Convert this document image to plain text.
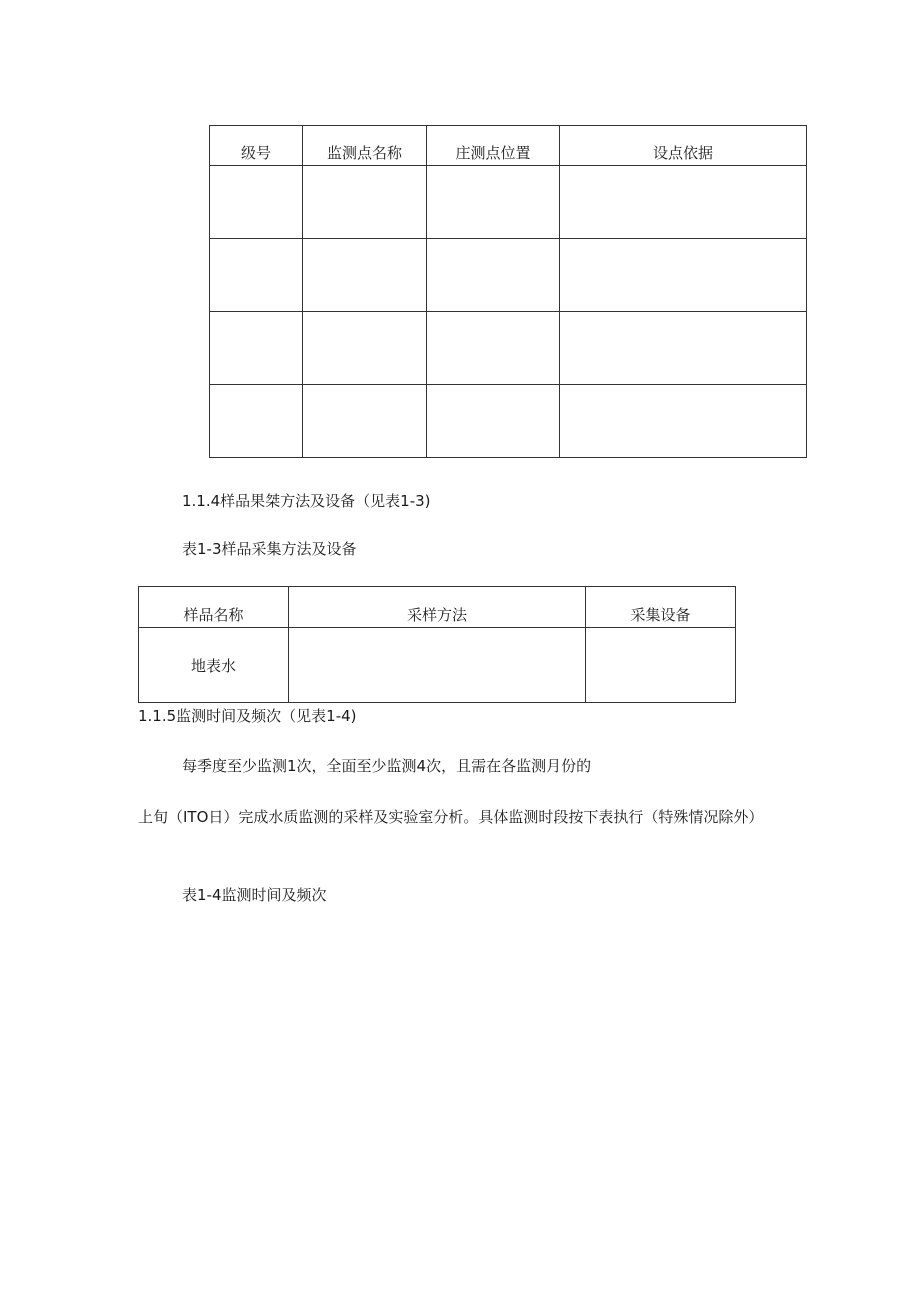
级号	监测点名称	庄测点位置	设点依据

1.1.4样品果桀方法及设备（见表1-3)

表1-3样品采集方法及设备

样品名称	采样方法	采集设备
地表水		

1.1.5监测时间及频次（见表1-4)

每季度至少监测1次，全面至少监测4次，且需在各监测月份的

上旬（ITO日）完成水质监测的采样及实验室分析。具体监测时段按下表执行（特殊情况除外）

表1-4监测时间及频次
